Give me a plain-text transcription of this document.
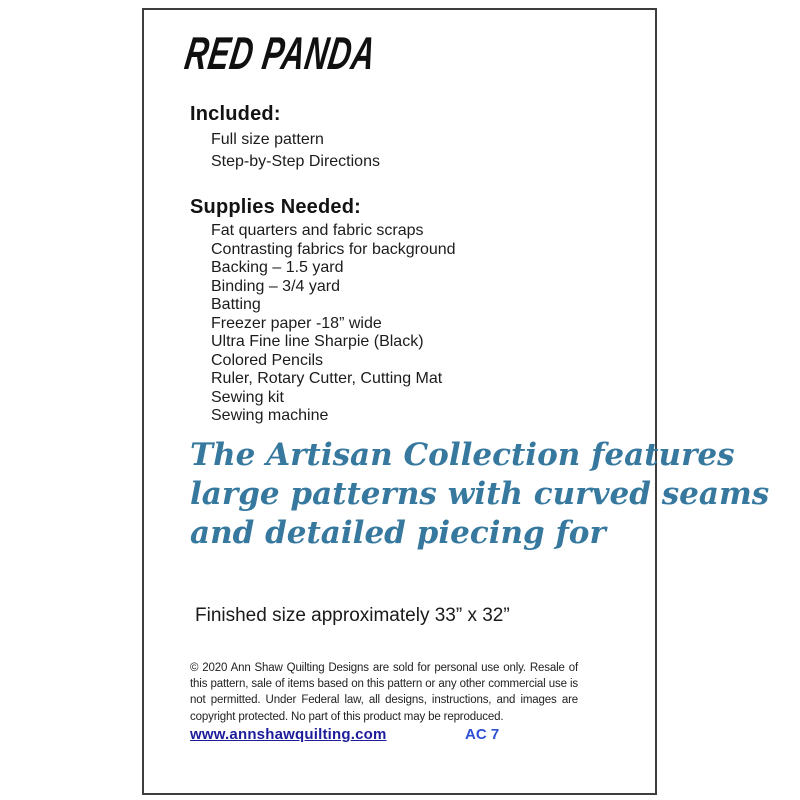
RED PANDA
Included:
Full size pattern
Step-by-Step Directions
Supplies Needed:
Fat quarters and fabric scraps
Contrasting fabrics for background
Backing – 1.5 yard
Binding – 3/4 yard
Batting
Freezer paper -18” wide
Ultra Fine line Sharpie (Black)
Colored Pencils
Ruler, Rotary Cutter, Cutting Mat
Sewing kit
Sewing machine
The Artisan Collection features
large patterns with curved seams
and detailed piecing for

Finished size approximately 33” x 32”

© 2020 Ann Shaw Quilting Designs are sold for personal use only. Resale of this pattern, sale of items based on this pattern or any other commercial use is not permitted. Under Federal law, all designs, instructions, and images are copyright protected. No part of this product may be reproduced.

www.annshawquilting.com	AC 7
